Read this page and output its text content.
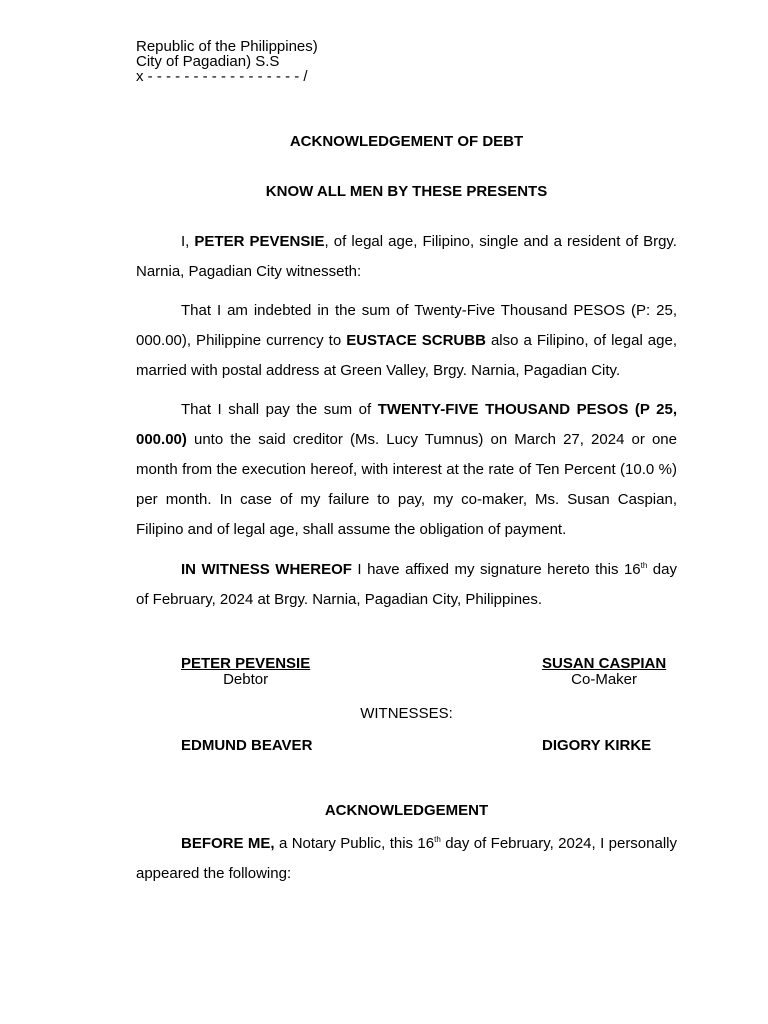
Republic of the Philippines)
City of Pagadian) S.S
x - - - - - - - - - - - - - - - - - /
ACKNOWLEDGEMENT OF DEBT
KNOW ALL MEN BY THESE PRESENTS
I, PETER PEVENSIE, of legal age, Filipino, single and a resident of Brgy. Narnia, Pagadian City witnesseth:
That I am indebted in the sum of Twenty-Five Thousand PESOS (P: 25, 000.00), Philippine currency to EUSTACE SCRUBB also a Filipino, of legal age, married with postal address at Green Valley, Brgy. Narnia, Pagadian City.
That I shall pay the sum of TWENTY-FIVE THOUSAND PESOS (P 25, 000.00) unto the said creditor (Ms. Lucy Tumnus) on March 27, 2024 or one month from the execution hereof, with interest at the rate of Ten Percent (10.0 %) per month. In case of my failure to pay, my co-maker, Ms. Susan Caspian, Filipino and of legal age, shall assume the obligation of payment.
IN WITNESS WHEREOF I have affixed my signature hereto this 16th day of February, 2024 at Brgy. Narnia, Pagadian City, Philippines.
PETER PEVENSIE
Debtor
SUSAN CASPIAN
Co-Maker
WITNESSES:
EDMUND BEAVER	DIGORY KIRKE
ACKNOWLEDGEMENT
BEFORE ME, a Notary Public, this 16th day of February, 2024, I personally appeared the following:
